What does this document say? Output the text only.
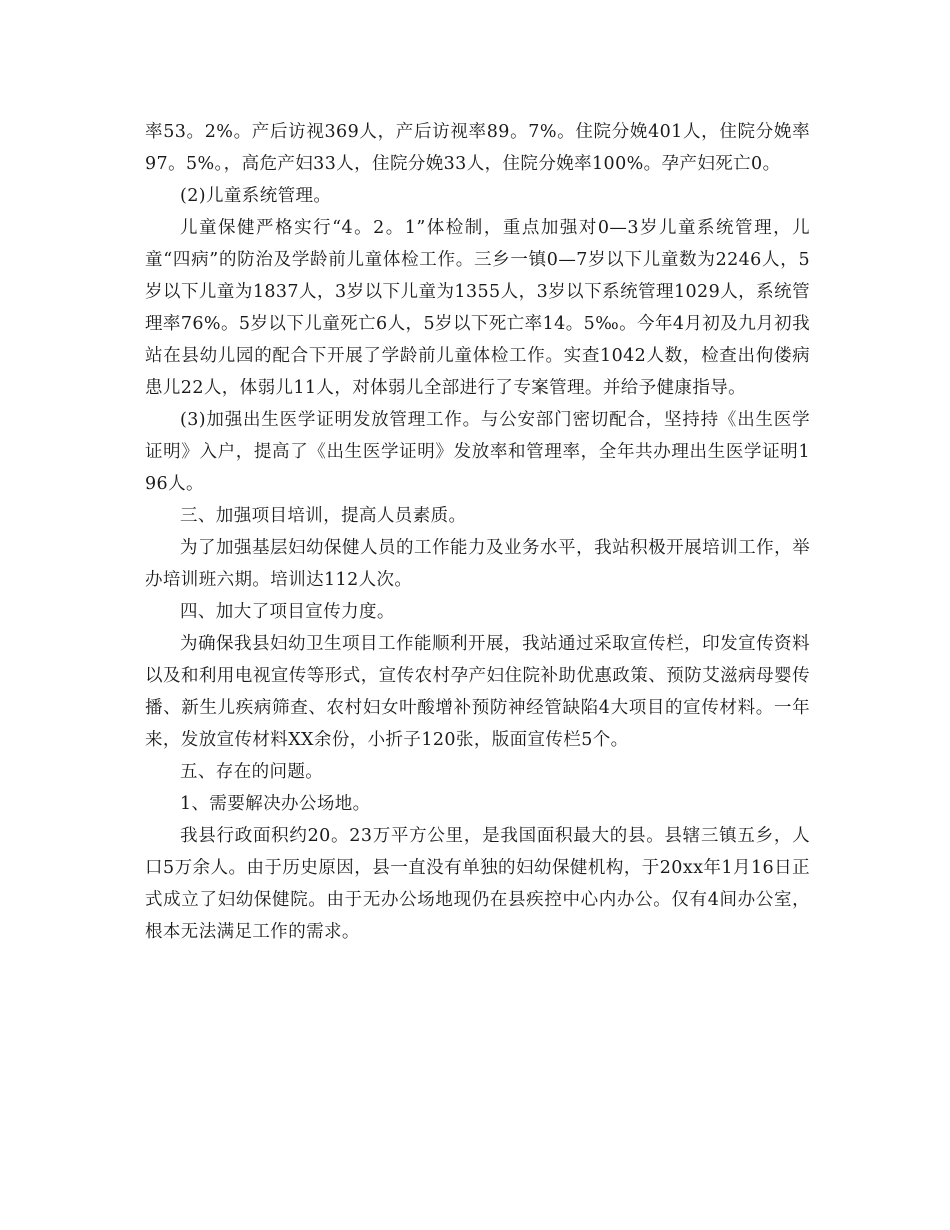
率53。2%。产后访视369人，产后访视率89。7%。住院分娩401人，住院分娩率97。5%。，高危产妇33人，住院分娩33人，住院分娩率100%。孕产妇死亡0。

(2)儿童系统管理。

儿童保健严格实行“4。2。1”体检制，重点加强对0—3岁儿童系统管理，儿童“四病”的防治及学龄前儿童体检工作。三乡一镇0—7岁以下儿童数为2246人，5岁以下儿童为1837人，3岁以下儿童为1355人，3岁以下系统管理1029人，系统管理率76%。5岁以下儿童死亡6人，5岁以下死亡率14。5‰。今年4月初及九月初我站在县幼儿园的配合下开展了学龄前儿童体检工作。实查1042人数，检查出佝偻病患儿22人，体弱儿11人，对体弱儿全部进行了专案管理。并给予健康指导。

(3)加强出生医学证明发放管理工作。与公安部门密切配合，坚持持《出生医学证明》入户，提高了《出生医学证明》发放率和管理率，全年共办理出生医学证明196人。

三、加强项目培训，提高人员素质。

为了加强基层妇幼保健人员的工作能力及业务水平，我站积极开展培训工作，举办培训班六期。培训达112人次。

四、加大了项目宣传力度。

为确保我县妇幼卫生项目工作能顺利开展，我站通过采取宣传栏，印发宣传资料以及和利用电视宣传等形式，宣传农村孕产妇住院补助优惠政策、预防艾滋病母婴传播、新生儿疾病筛查、农村妇女叶酸增补预防神经管缺陷4大项目的宣传材料。一年来，发放宣传材料XX余份，小折子120张，版面宣传栏5个。

五、存在的问题。

1、需要解决办公场地。

我县行政面积约20。23万平方公里，是我国面积最大的县。县辖三镇五乡，人口5万余人。由于历史原因，县一直没有单独的妇幼保健机构，于20xx年1月16日正式成立了妇幼保健院。由于无办公场地现仍在县疾控中心内办公。仅有4间办公室，根本无法满足工作的需求。
